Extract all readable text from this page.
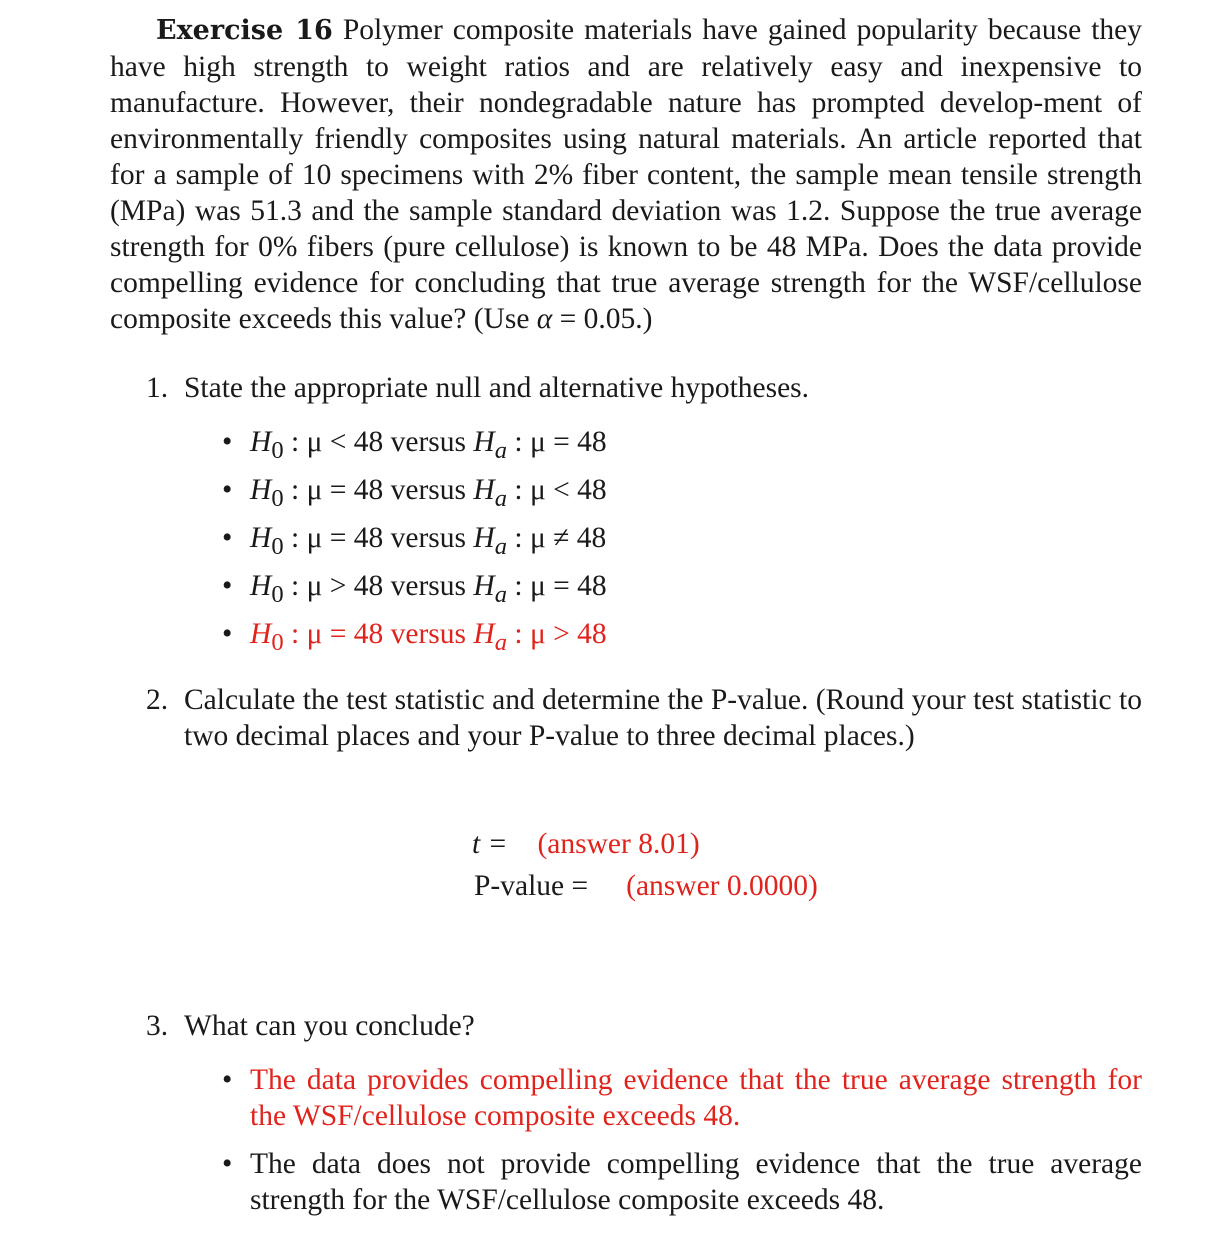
Exercise 16 Polymer composite materials have gained popularity because they have high strength to weight ratios and are relatively easy and inexpensive to manufacture. However, their nondegradable nature has prompted develop-ment of environmentally friendly composites using natural materials. An article reported that for a sample of 10 specimens with 2% fiber content, the sample mean tensile strength (MPa) was 51.3 and the sample standard deviation was 1.2. Suppose the true average strength for 0% fibers (pure cellulose) is known to be 48 MPa. Does the data provide compelling evidence for concluding that true average strength for the WSF/cellulose composite exceeds this value? (Use α = 0.05.)

1. State the appropriate null and alternative hypotheses.
• $H_0$ : μ < 48 versus $H_a$ : μ = 48
• $H_0$ : μ = 48 versus $H_a$ : μ < 48
• $H_0$ : μ = 48 versus $H_a$ : μ ≠ 48
• $H_0$ : μ > 48 versus $H_a$ : μ = 48
• $H_0$ : μ = 48 versus $H_a$ : μ > 48
2. Calculate the test statistic and determine the P-value. (Round your test statistic to two decimal places and your P-value to three decimal places.)
t = (answer 8.01)
P-value = (answer 0.0000)
3. What can you conclude?
• The data provides compelling evidence that the true average strength for the WSF/cellulose composite exceeds 48.
• The data does not provide compelling evidence that the true average strength for the WSF/cellulose composite exceeds 48.
